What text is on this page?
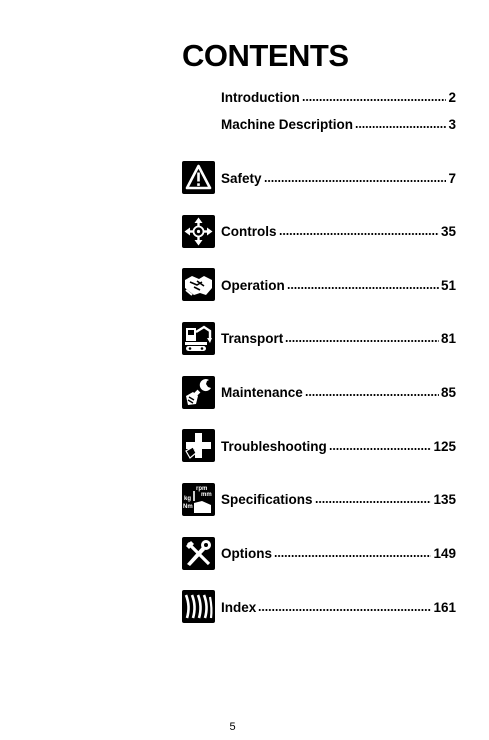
CONTENTS
Introduction	2
Machine Description	3
Safety	7
Controls	35
Operation	51
Transport	81
Maintenance	85
Troubleshooting	125
rpm
mm
kg
Nm
Specifications	135
Options	149
Index	161
5
